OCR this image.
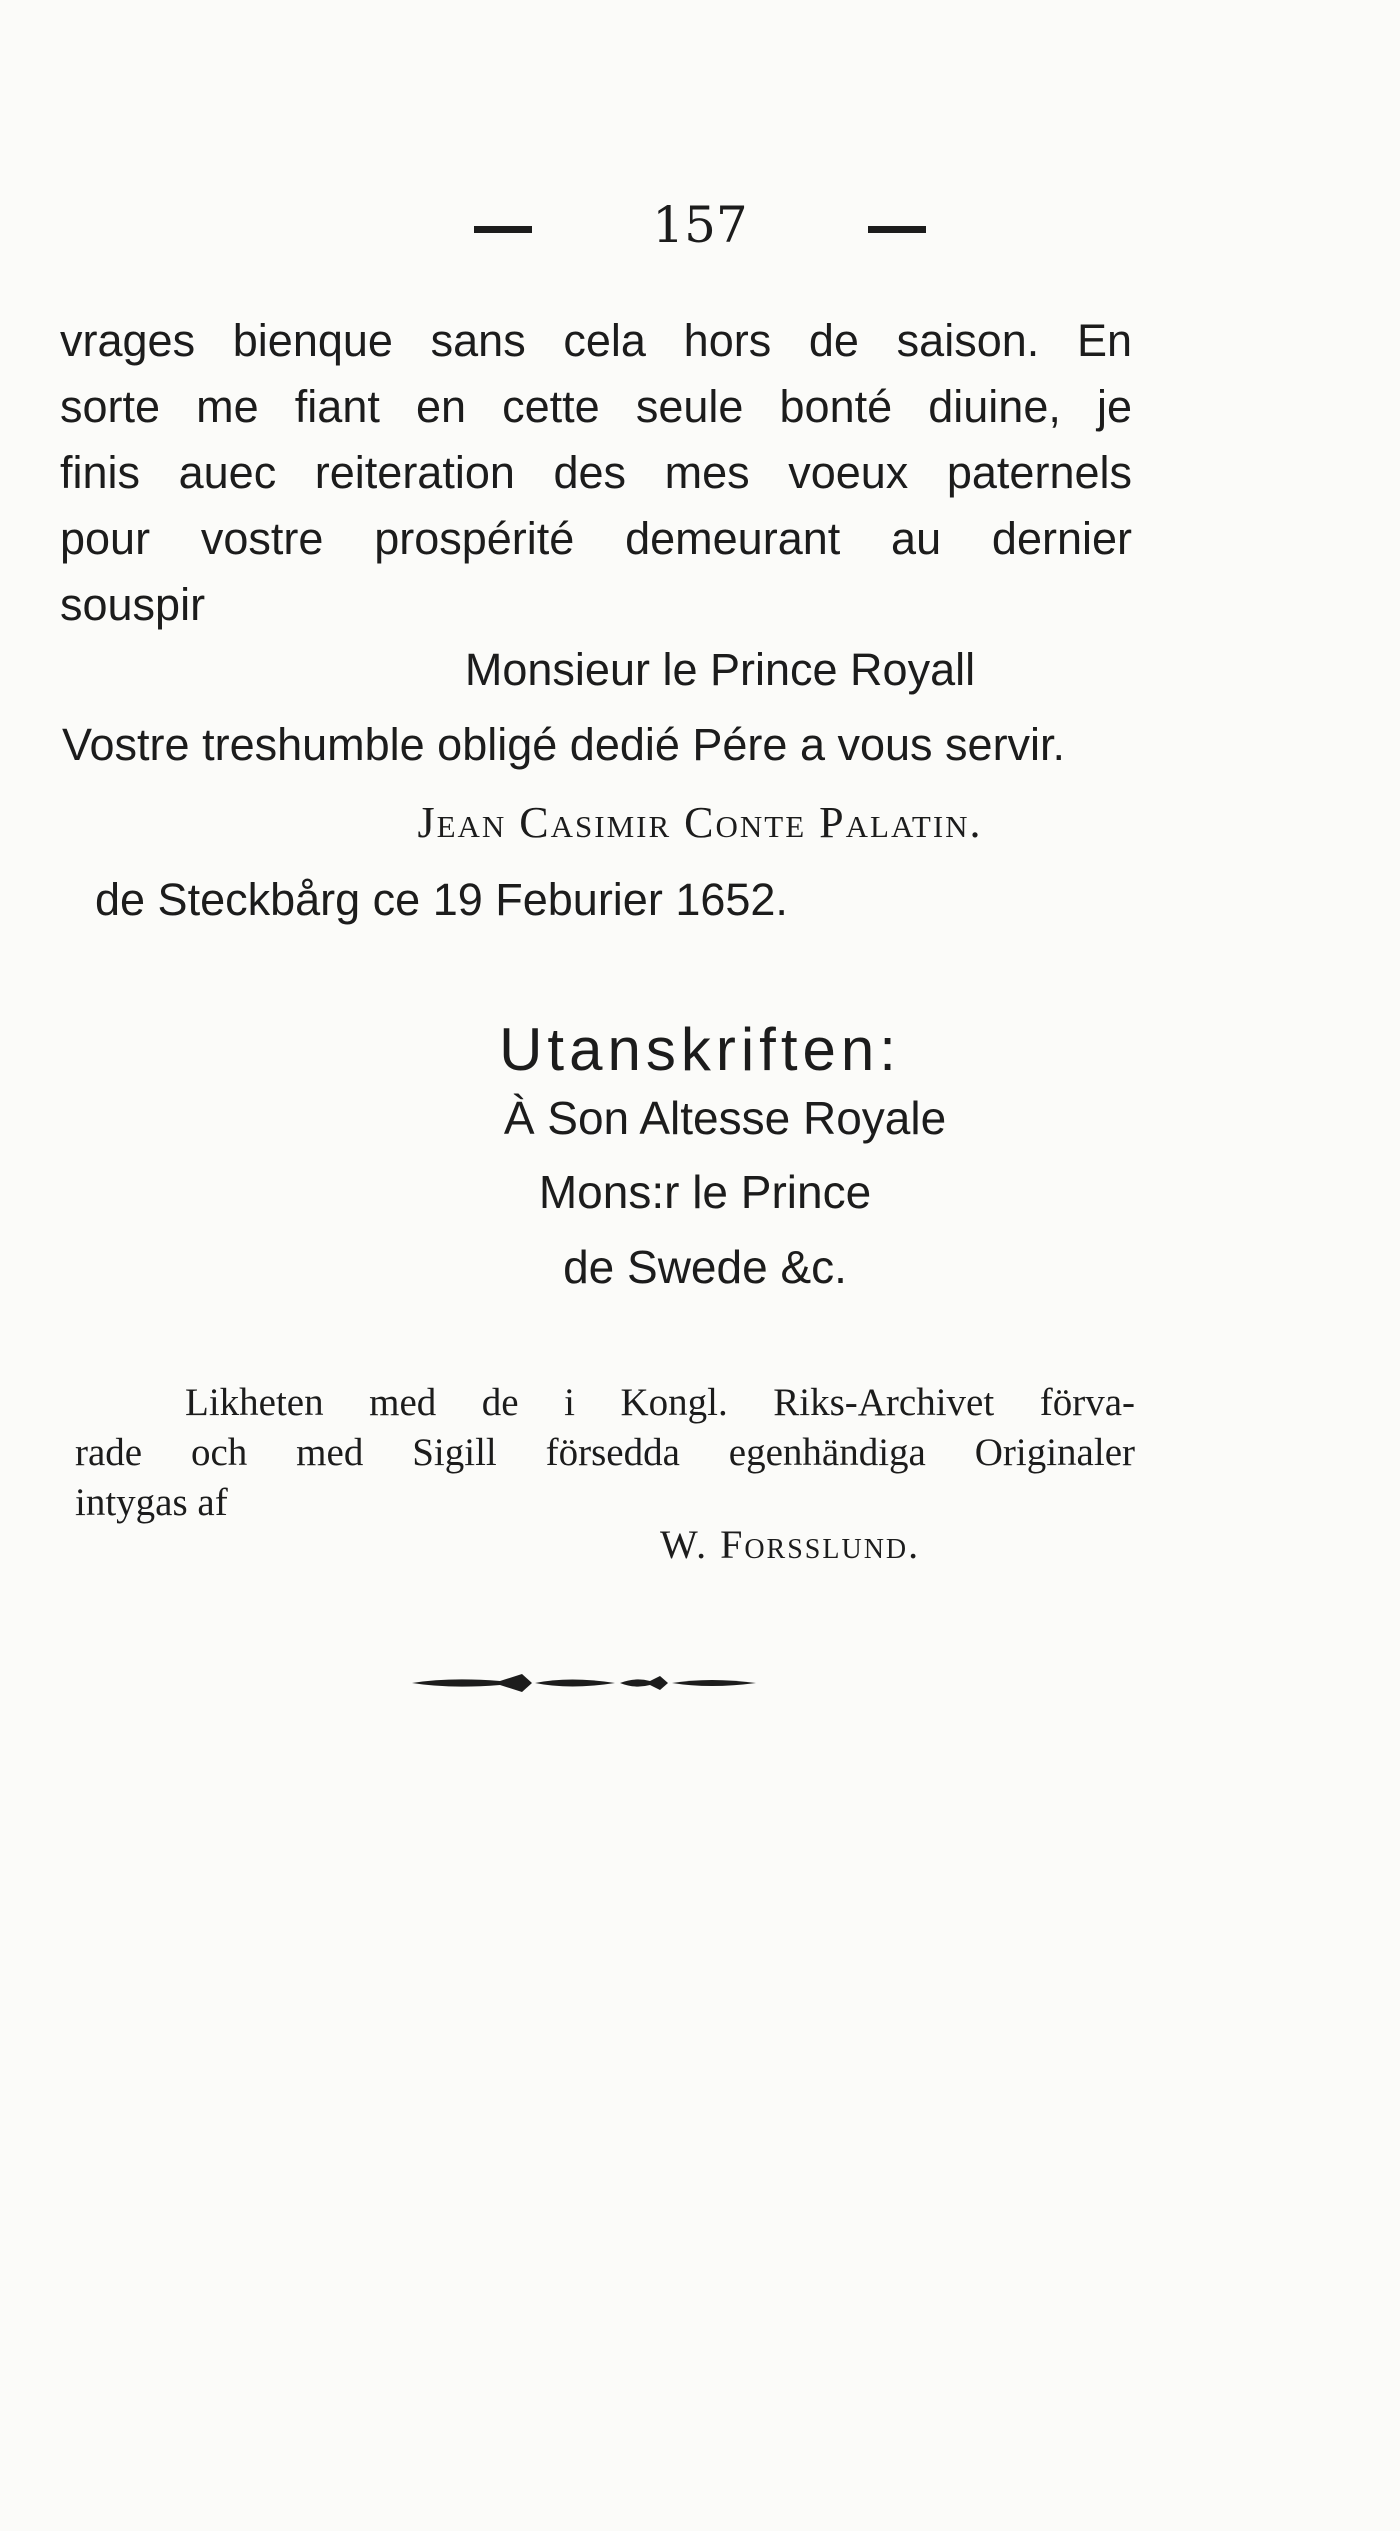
157
vrages bienque sans cela hors de saison. En
sorte me fiant en cette seule bonté diuine, je
finis auec reiteration des mes voeux paternels
pour vostre prospérité demeurant au dernier
souspir
Monsieur le Prince Royall
Vostre treshumble obligé dedié Pére a vous servir.
Jean Casimir Conte Palatin.
de Steckbårg ce 19 Feburier 1652.
Utanskriften:
À Son Altesse Royale
Mons:r le Prince
de Swede &c.
Likheten med de i Kongl. Riks-Archivet förva-
rade och med Sigill försedda egenhändiga Originaler
intygas af
W. Forsslund.
